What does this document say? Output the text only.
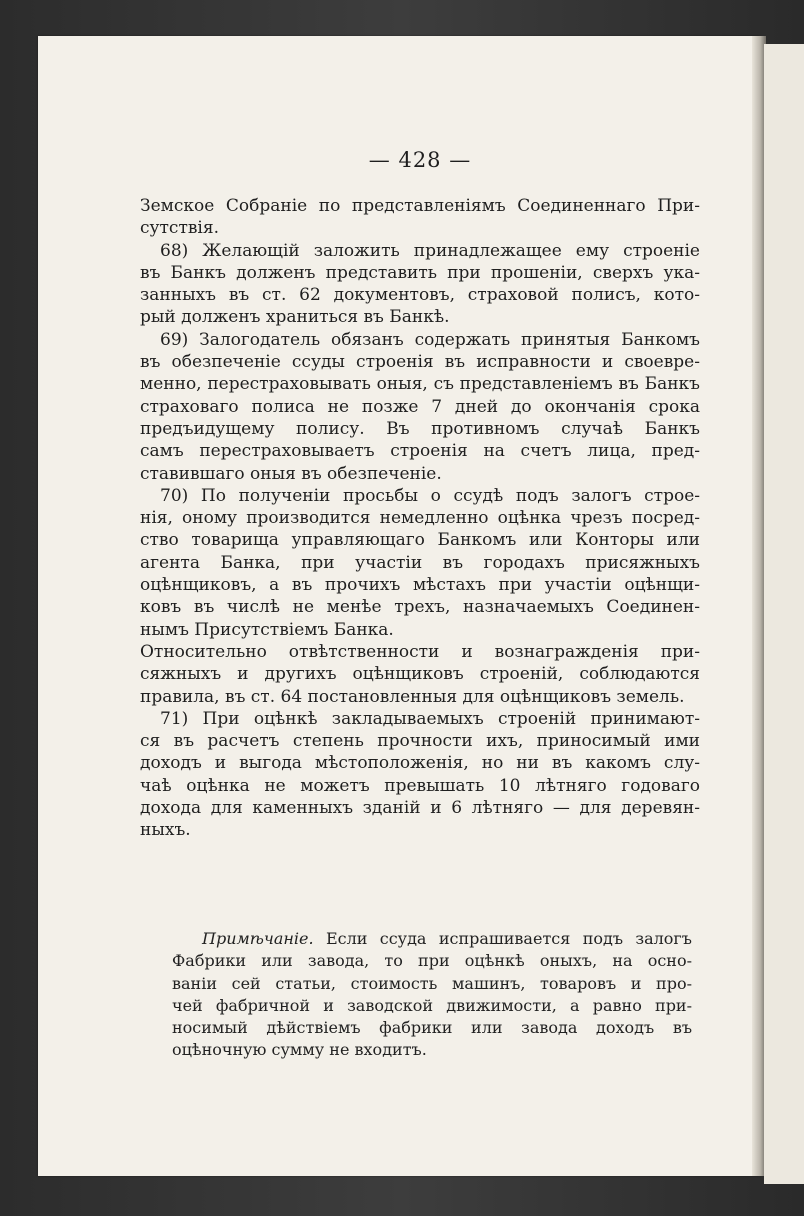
— 428 —
Земское Собраніе по представленіямъ Соединеннаго При-
сутствія.
68) Желающій заложить принадлежащее ему строеніе
въ Банкъ долженъ представить при прошеніи, сверхъ ука-
занныхъ въ ст. 62 документовъ, страховой полисъ, кото-
рый долженъ храниться въ Банкѣ.
69) Залогодатель обязанъ содержать принятыя Банкомъ
въ обезпеченіе ссуды строенія въ исправности и своевре-
менно, перестраховывать оныя, съ представленіемъ въ Банкъ
страховаго полиса не позже 7 дней до окончанія срока
предъидущему полису. Въ противномъ случаѣ Банкъ
самъ перестраховываетъ строенія на счетъ лица, пред-
ставившаго оныя въ обезпеченіе.
70) По полученіи просьбы о ссудѣ подъ залогъ строе-
нія, оному производится немедленно оцѣнка чрезъ посред-
ство товарища управляющаго Банкомъ или Конторы или
агента Банка, при участіи въ городахъ присяжныхъ
оцѣнщиковъ, а въ прочихъ мѣстахъ при участіи оцѣнщи-
ковъ въ числѣ не менѣе трехъ, назначаемыхъ Соединен-
нымъ Присутствіемъ Банка.
Относительно отвѣтственности и вознагражденія при-
сяжныхъ и другихъ оцѣнщиковъ строеній, соблюдаются
правила, въ ст. 64 постановленныя для оцѣнщиковъ земель.
71) При оцѣнкѣ закладываемыхъ строеній принимают-
ся въ расчетъ степень прочности ихъ, приносимый ими
доходъ и выгода мѣстоположенія, но ни въ какомъ слу-
чаѣ оцѣнка не можетъ превышать 10 лѣтняго годоваго
дохода для каменныхъ зданій и 6 лѣтняго — для деревян-
ныхъ.
Примѣчаніе. Если ссуда испрашивается подъ залогъ
Фабрики или завода, то при оцѣнкѣ оныхъ, на осно-
ваніи сей статьи, стоимость машинъ, товаровъ и про-
чей фабричной и заводской движимости, а равно при-
носимый дѣйствіемъ фабрики или завода доходъ въ
оцѣночную сумму не входитъ.
